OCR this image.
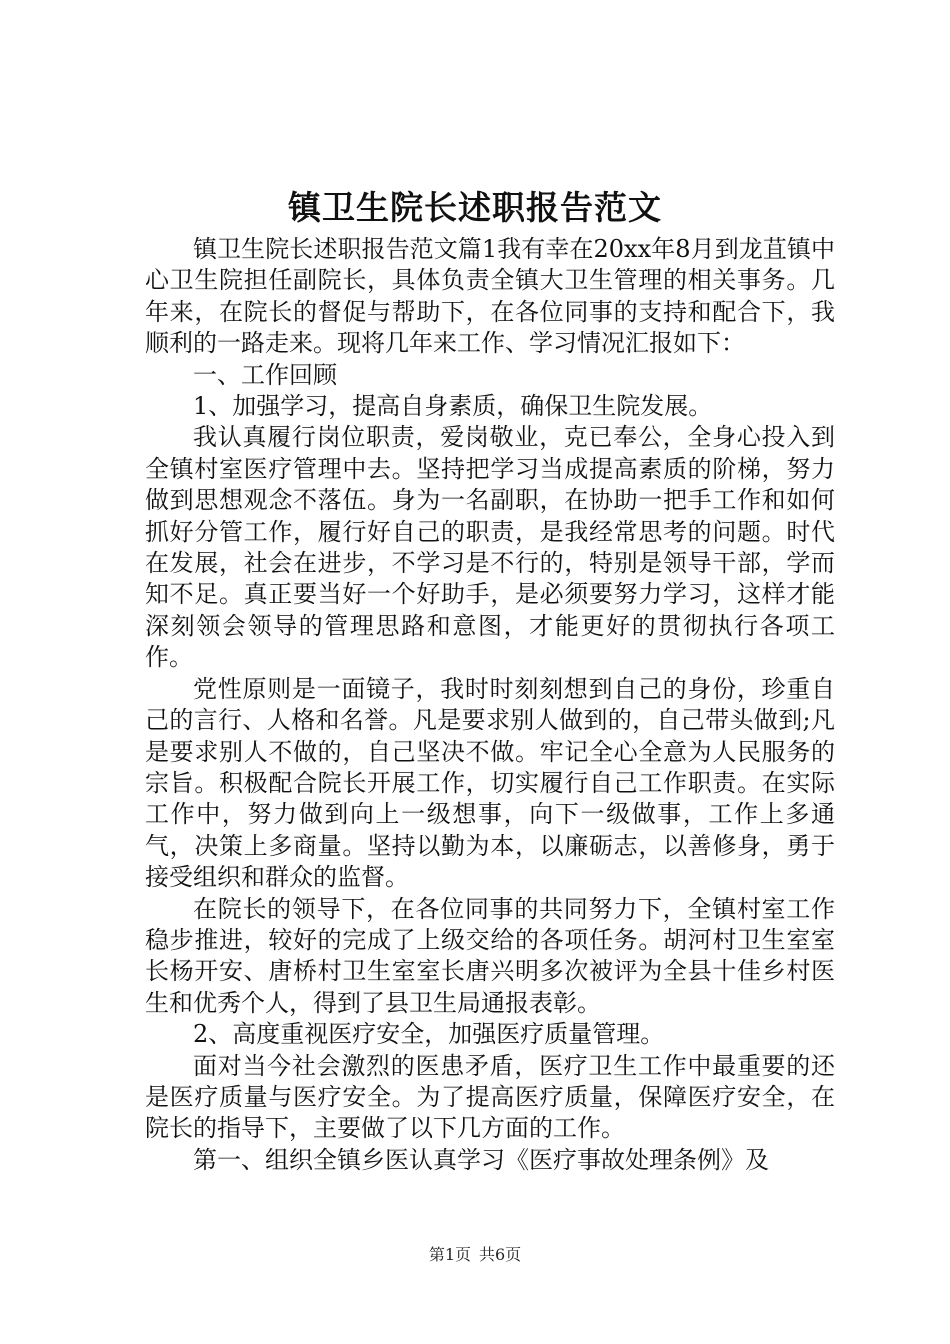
镇卫生院长述职报告范文

镇卫生院长述职报告范文篇1我有幸在20xx年8月到龙苴镇中心卫生院担任副院长，具体负责全镇大卫生管理的相关事务。几年来，在院长的督促与帮助下，在各位同事的支持和配合下，我顺利的一路走来。现将几年来工作、学习情况汇报如下：

一、工作回顾

1、加强学习，提高自身素质，确保卫生院发展。

我认真履行岗位职责，爱岗敬业，克已奉公，全身心投入到全镇村室医疗管理中去。坚持把学习当成提高素质的阶梯，努力做到思想观念不落伍。身为一名副职，在协助一把手工作和如何抓好分管工作，履行好自己的职责，是我经常思考的问题。时代在发展，社会在进步，不学习是不行的，特别是领导干部，学而知不足。真正要当好一个好助手，是必须要努力学习，这样才能深刻领会领导的管理思路和意图，才能更好的贯彻执行各项工作。

党性原则是一面镜子，我时时刻刻想到自己的身份，珍重自己的言行、人格和名誉。凡是要求别人做到的，自己带头做到;凡是要求别人不做的，自己坚决不做。牢记全心全意为人民服务的宗旨。积极配合院长开展工作，切实履行自己工作职责。在实际工作中，努力做到向上一级想事，向下一级做事，工作上多通气，决策上多商量。坚持以勤为本，以廉砺志，以善修身，勇于接受组织和群众的监督。

在院长的领导下，在各位同事的共同努力下，全镇村室工作稳步推进，较好的完成了上级交给的各项任务。胡河村卫生室室长杨开安、唐桥村卫生室室长唐兴明多次被评为全县十佳乡村医生和优秀个人，得到了县卫生局通报表彰。

2、高度重视医疗安全，加强医疗质量管理。

面对当今社会激烈的医患矛盾，医疗卫生工作中最重要的还是医疗质量与医疗安全。为了提高医疗质量，保障医疗安全，在院长的指导下，主要做了以下几方面的工作。

第一、组织全镇乡医认真学习《医疗事故处理条例》及

第1页 共6页
